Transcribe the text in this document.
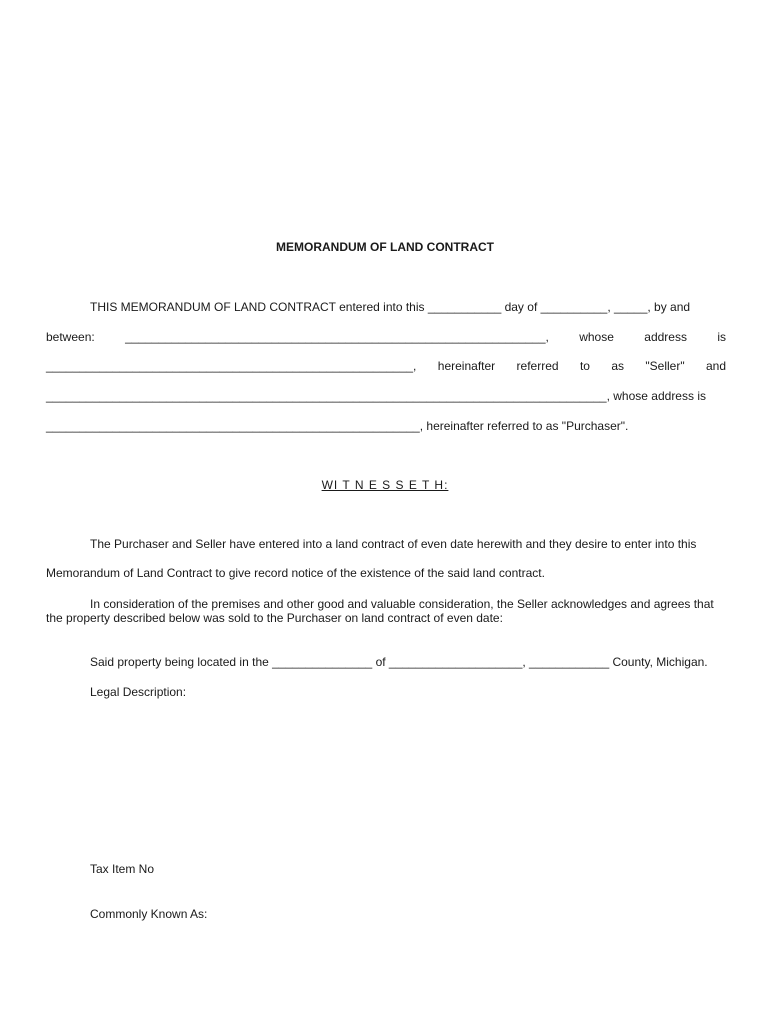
MEMORANDUM OF LAND CONTRACT
THIS MEMORANDUM OF LAND CONTRACT entered into this ___________ day of __________, _____, by and
between:	_______________________________________________________________,	whose	address	is
_______________________________________________________, hereinafter referred to as "Seller" and
____________________________________________________________________________________, whose address is
________________________________________________________, hereinafter referred to as "Purchaser".
WI T N E S S E T H:
The Purchaser and Seller have entered into a land contract of even date herewith and they desire to enter into this
Memorandum of Land Contract to give record notice of the existence of the said land contract.
In consideration of the premises and other good and valuable consideration, the Seller acknowledges and agrees that
the property described below was sold to the Purchaser on land contract of even date:
Said property being located in the _______________ of ____________________, ____________ County, Michigan.
Legal Description:
Tax Item No
Commonly Known As:
